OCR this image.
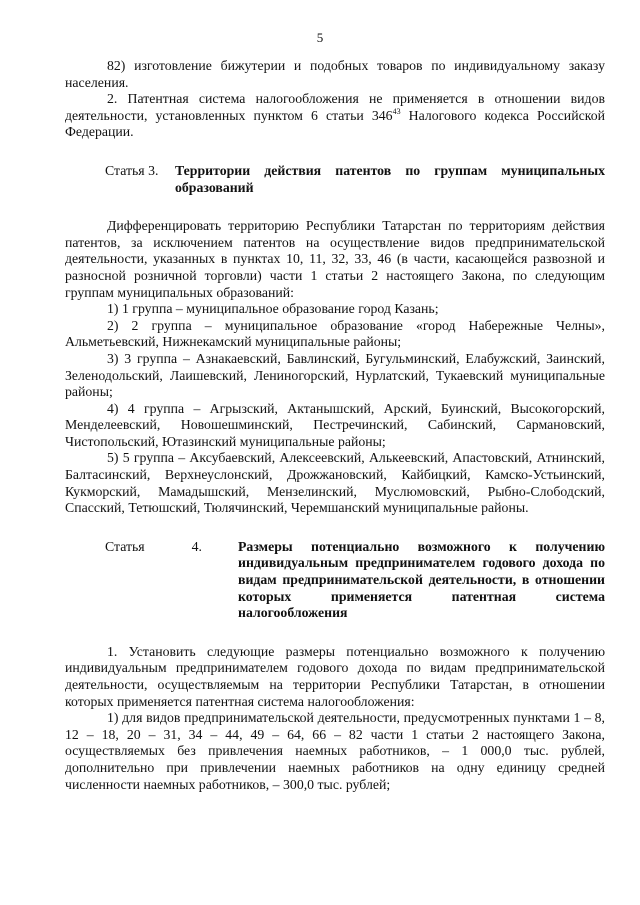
5

82) изготовление бижутерии и подобных товаров по индивидуальному заказу населения.

2. Патентная система налогообложения не применяется в отношении видов деятельности, установленных пунктом 6 статьи $346^{43}$ Налогового кодекса Российской Федерации.

Статья 3.	Территории действия патентов по группам муниципальных образований

Дифференцировать территорию Республики Татарстан по территориям действия патентов, за исключением патентов на осуществление видов предпринимательской деятельности, указанных в пунктах 10, 11, 32, 33, 46 (в части, касающейся развозной и разносной розничной торговли) части 1 статьи 2 настоящего Закона, по следующим группам муниципальных образований:

1) 1 группа – муниципальное образование город Казань;

2) 2 группа – муниципальное образование «город Набережные Челны», Альметьевский, Нижнекамский муниципальные районы;

3) 3 группа – Азнакаевский, Бавлинский, Бугульминский, Елабужский, Заинский, Зеленодольский, Лаишевский, Лениногорский, Нурлатский, Тукаевский муниципальные районы;

4) 4 группа – Агрызский, Актанышский, Арский, Буинский, Высокогорский, Менделеевский, Новошешминский, Пестречинский, Сабинский, Сармановский, Чистопольский, Ютазинский муниципальные районы;

5) 5 группа – Аксубаевский, Алексеевский, Алькеевский, Апастовский, Атнинский, Балтасинский, Верхнеуслонский, Дрожжановский, Кайбицкий, Камско-Устьинский, Кукморский, Мамадышский, Мензелинский, Муслюмовский, Рыбно-Слободский, Спасский, Тетюшский, Тюлячинский, Черемшанский муниципальные районы.

Статья 4.	Размеры потенциально возможного к получению индивидуальным предпринимателем годового дохода по видам предпринимательской деятельности, в отношении которых применяется патентная система налогообложения

1. Установить следующие размеры потенциально возможного к получению индивидуальным предпринимателем годового дохода по видам предпринимательской деятельности, осуществляемым на территории Республики Татарстан, в отношении которых применяется патентная система налогообложения:

1) для видов предпринимательской деятельности, предусмотренных пунктами 1 – 8, 12 – 18, 20 – 31, 34 – 44, 49 – 64, 66 – 82 части 1 статьи 2 настоящего Закона, осуществляемых без привлечения наемных работников, – 1 000,0 тыс. рублей, дополнительно при привлечении наемных работников на одну единицу средней численности наемных работников, – 300,0 тыс. рублей;
